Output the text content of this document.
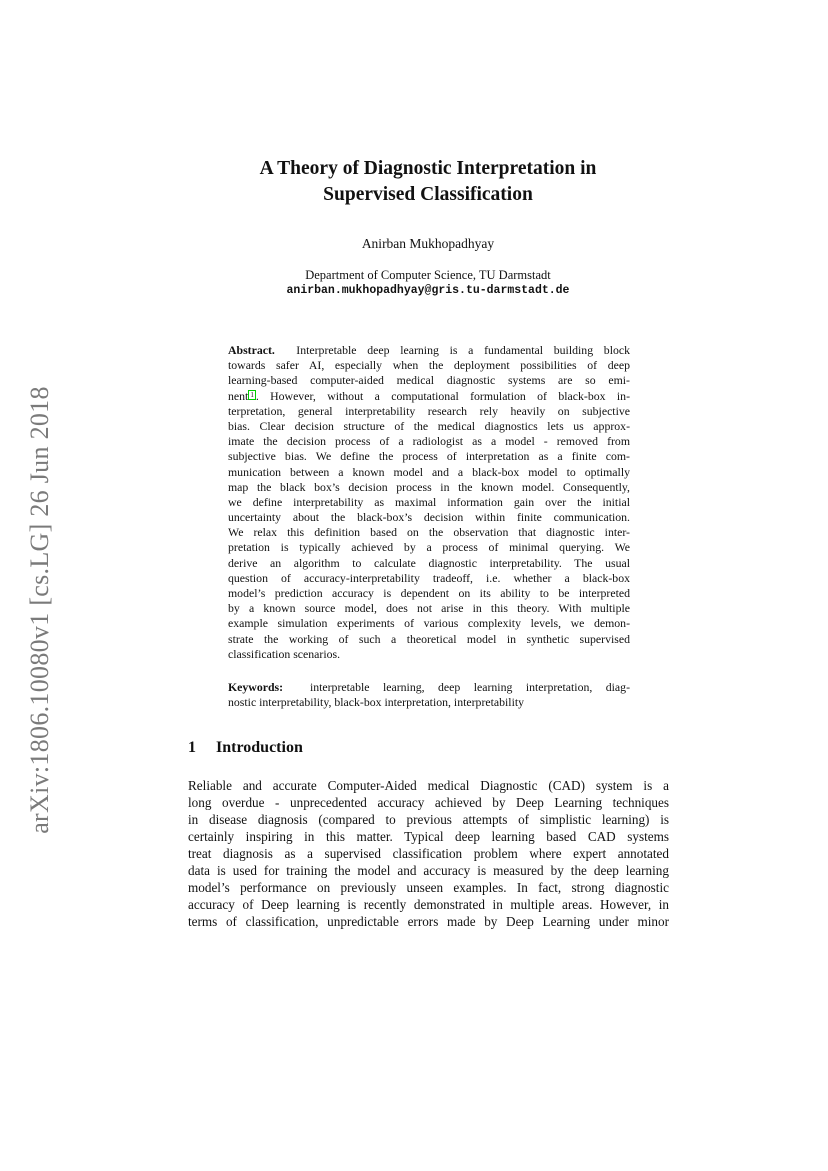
arXiv:1806.10080v1 [cs.LG] 26 Jun 2018
A Theory of Diagnostic Interpretation in
Supervised Classification
Anirban Mukhopadhyay
Department of Computer Science, TU Darmstadt
anirban.mukhopadhyay@gris.tu-darmstadt.de
Abstract. Interpretable deep learning is a fundamental building block
towards safer AI, especially when the deployment possibilities of deep
learning-based computer-aided medical diagnostic systems are so emi-
nent 1 . However, without a computational formulation of black-box in-
terpretation, general interpretability research rely heavily on subjective
bias. Clear decision structure of the medical diagnostics lets us approx-
imate the decision process of a radiologist as a model - removed from
subjective bias. We define the process of interpretation as a finite com-
munication between a known model and a black-box model to optimally
map the black box’s decision process in the known model. Consequently,
we define interpretability as maximal information gain over the initial
uncertainty about the black-box’s decision within finite communication.
We relax this definition based on the observation that diagnostic inter-
pretation is typically achieved by a process of minimal querying. We
derive an algorithm to calculate diagnostic interpretability. The usual
question of accuracy-interpretability tradeoff, i.e. whether a black-box
model’s prediction accuracy is dependent on its ability to be interpreted
by a known source model, does not arise in this theory. With multiple
example simulation experiments of various complexity levels, we demon-
strate the working of such a theoretical model in synthetic supervised
classification scenarios.
Keywords: interpretable learning, deep learning interpretation, diag-
nostic interpretability, black-box interpretation, interpretability
1 Introduction
Reliable and accurate Computer-Aided medical Diagnostic (CAD) system is a
long overdue - unprecedented accuracy achieved by Deep Learning techniques
in disease diagnosis (compared to previous attempts of simplistic learning) is
certainly inspiring in this matter. Typical deep learning based CAD systems
treat diagnosis as a supervised classification problem where expert annotated
data is used for training the model and accuracy is measured by the deep learning
model’s performance on previously unseen examples. In fact, strong diagnostic
accuracy of Deep learning is recently demonstrated in multiple areas. However, in
terms of classification, unpredictable errors made by Deep Learning under minor
